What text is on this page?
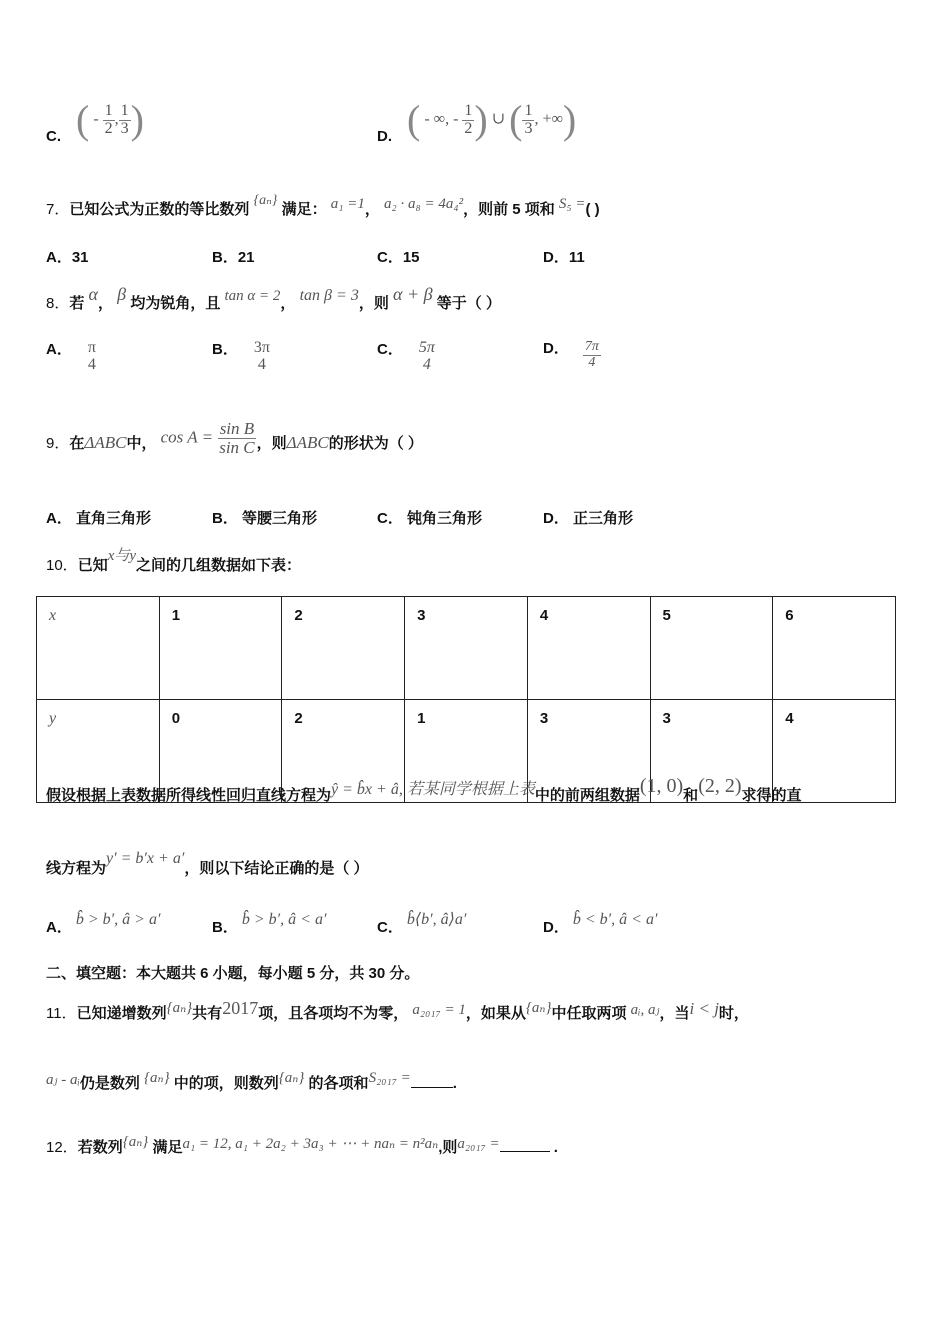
C. ( - $\frac{1}{2}$ , $\frac{1}{3}$ )	D. ( - ∞, - $\frac{1}{2}$ ) ∪ ( $\frac{1}{3}$ , +∞)
7．已知公式为正数的等比数列 {aₙ} 满足： a₁ =1， a₂ · a₈ = 4a₄²，则前 5 项和 S₅ =( )
A．31	B．21	C．15	D．11
8．若 α， β 均为锐角，且 tan α = 2， tan β = 3，则 α + β 等于（ ）
A． π
4
B． 3π
4
C． 5π
4
D． $\frac{7\pi}{4}$
9．在ΔABC中， $\cos A = \frac{\text{sin B}}{\text{sin C}}$ ，则ΔABC的形状为（ ）
A． 直角三角形	B． 等腰三角形	C． 钝角三角形	D． 正三角形
10．已知x与y之间的几组数据如下表：
x	1	2	3	4	5	6
y	0	2	1	3	3	4
假设根据上表数据所得线性回归直线方程为ŷ = b̂x + â, 若某同学根据上表中的前两组数据(1, 0)和(2, 2)求得的直
线方程为y′ = b′x + a′，则以下结论正确的是（ ）
A． b̂ > b′, â > a′	B． b̂ > b′, â < a′	C． b̂⟨b′, â⟩a′	D． b̂ < b′, â < a′
二、填空题：本大题共 6 小题，每小题 5 分，共 30 分。
11．已知递增数列{aₙ}共有2017项，且各项均不为零， a₂₀₁₇ = 1，如果从{aₙ}中任取两项 aᵢ, aⱼ，当i < j时，
aⱼ - aᵢ仍是数列 {aₙ} 中的项，则数列{aₙ} 的各项和S₂₀₁₇ =	.
12．若数列{aₙ} 满足a₁ = 12, a₁ + 2a₂ + 3a₃ + ⋯ + naₙ = n²aₙ,则a₂₀₁₇ =	.
